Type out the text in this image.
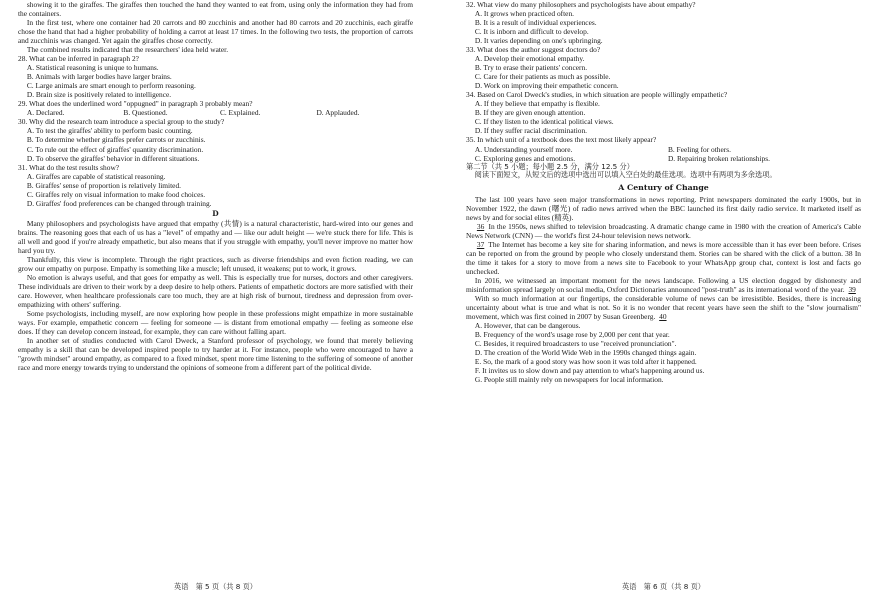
showing it to the giraffes. The giraffes then touched the hand they wanted to eat from, using only the information they had from the containers.

In the first test, where one container had 20 carrots and 80 zucchinis and another had 80 carrots and 20 zucchinis, each giraffe chose the hand that had a higher probability of holding a carrot at least 17 times. In the following two tests, the proportion of carrots and zucchinis was changed. Yet again the giraffes chose correctly.

The combined results indicated that the researchers' idea held water.

28. What can be inferred in paragraph 2?

A. Statistical reasoning is unique to humans.

B. Animals with larger bodies have larger brains.

C. Large animals are smart enough to perform reasoning.

D. Brain size is positively related to intelligence.

29. What does the underlined word "oppugned" in paragraph 3 probably mean?

A. Declared.	B. Questioned.	C. Explained.	D. Applauded.

30. Why did the research team introduce a special group to the study?

A. To test the giraffes' ability to perform basic counting.

B. To determine whether giraffes prefer carrots or zucchinis.

C. To rule out the effect of giraffes' quantity discrimination.

D. To observe the giraffes' behavior in different situations.

31. What do the test results show?

A. Giraffes are capable of statistical reasoning.

B. Giraffes' sense of proportion is relatively limited.

C. Giraffes rely on visual information to make food choices.

D. Giraffes' food preferences can be changed through training.

D

Many philosophers and psychologists have argued that empathy (共情) is a natural characteristic, hard-wired into our genes and brains. The reasoning goes that each of us has a "level" of empathy and — like our adult height — we're stuck there for life. This is all well and good if you're already empathetic, but also means that if you struggle with empathy, you'll never improve no matter how hard you try.

Thankfully, this view is incomplete. Through the right practices, such as diverse friendships and even fiction reading, we can grow our empathy on purpose. Empathy is something like a muscle; left unused, it weakens; put to work, it grows.

No emotion is always useful, and that goes for empathy as well. This is especially true for nurses, doctors and other caregivers. These individuals are driven to their work by a deep desire to help others. Patients of empathetic doctors are more satisfied with their care. However, when healthcare professionals care too much, they are at high risk of burnout, tiredness and depression from over-empathizing with others' suffering.

Some psychologists, including myself, are now exploring how people in these professions might empathize in more sustainable ways. For example, empathetic concern — feeling for someone — is distant from emotional empathy — feeling as someone else does. If they can develop concern instead, for example, they can care without falling apart.

In another set of studies conducted with Carol Dweck, a Stanford professor of psychology, we found that merely believing empathy is a skill that can be developed inspired people to try harder at it. For instance, people who were encouraged to have a "growth mindset" around empathy, as compared to a fixed mindset, spent more time listening to the suffering of someone of another race and more energy towards trying to understand the opinions of someone from a different part of the political divide.

英语　第 5 页（共 8 页）

32. What view do many philosophers and psychologists have about empathy?

A. It grows when practiced often.

B. It is a result of individual experiences.

C. It is inborn and difficult to develop.

D. It varies depending on one's upbringing.

33. What does the author suggest doctors do?

A. Develop their emotional empathy.

B. Try to erase their patients' concern.

C. Care for their patients as much as possible.

D. Work on improving their empathetic concern.

34. Based on Carol Dweck's studies, in which situation are people willingly empathetic?

A. If they believe that empathy is flexible.

B. If they are given enough attention.

C. If they listen to the identical political views.

D. If they suffer racial discrimination.

35. In which unit of a textbook does the text most likely appear?

A. Understanding yourself more.	B. Feeling for others.
C. Exploring genes and emotions.	D. Repairing broken relationships.

第二节（共 5 小题；每小题 2.5 分，满分 12.5 分）

阅读下面短文，从短文后的选项中选出可以填入空白处的最佳选项。选项中有两项为多余选项。

A Century of Change

The last 100 years have seen major transformations in news reporting. Print newspapers dominated the early 1900s, but in November 1922, the dawn (曙光) of radio news arrived when the BBC launched its first daily radio service. It marketed itself as news by and for social elites (精英).

36 In the 1950s, news shifted to television broadcasting. A dramatic change came in 1980 with the creation of America's Cable News Network (CNN) — the world's first 24-hour television news network.

37 The Internet has become a key site for sharing information, and news is more accessible than it has ever been before. Crises can be reported on from the ground by people who closely understand them. Stories can be shared with the click of a button. 38 In the time it takes for a story to move from a news site to Facebook to your WhatsApp group chat, context is lost and facts go unchecked.

In 2016, we witnessed an important moment for the news landscape. Following a US election dogged by dishonesty and misinformation spread largely on social media, Oxford Dictionaries announced "post-truth" as its international word of the year. 39

With so much information at our fingertips, the considerable volume of news can be irresistible. Besides, there is increasing uncertainty about what is true and what is not. So it is no wonder that recent years have seen the shift to the "slow journalism" movement, which was first coined in 2007 by Susan Greenberg. 40

A. However, that can be dangerous.

B. Frequency of the word's usage rose by 2,000 per cent that year.

C. Besides, it required broadcasters to use "received pronunciation".

D. The creation of the World Wide Web in the 1990s changed things again.

E. So, the mark of a good story was how soon it was told after it happened.

F. It invites us to slow down and pay attention to what's happening around us.

G. People still mainly rely on newspapers for local information.

英语　第 6 页（共 8 页）
